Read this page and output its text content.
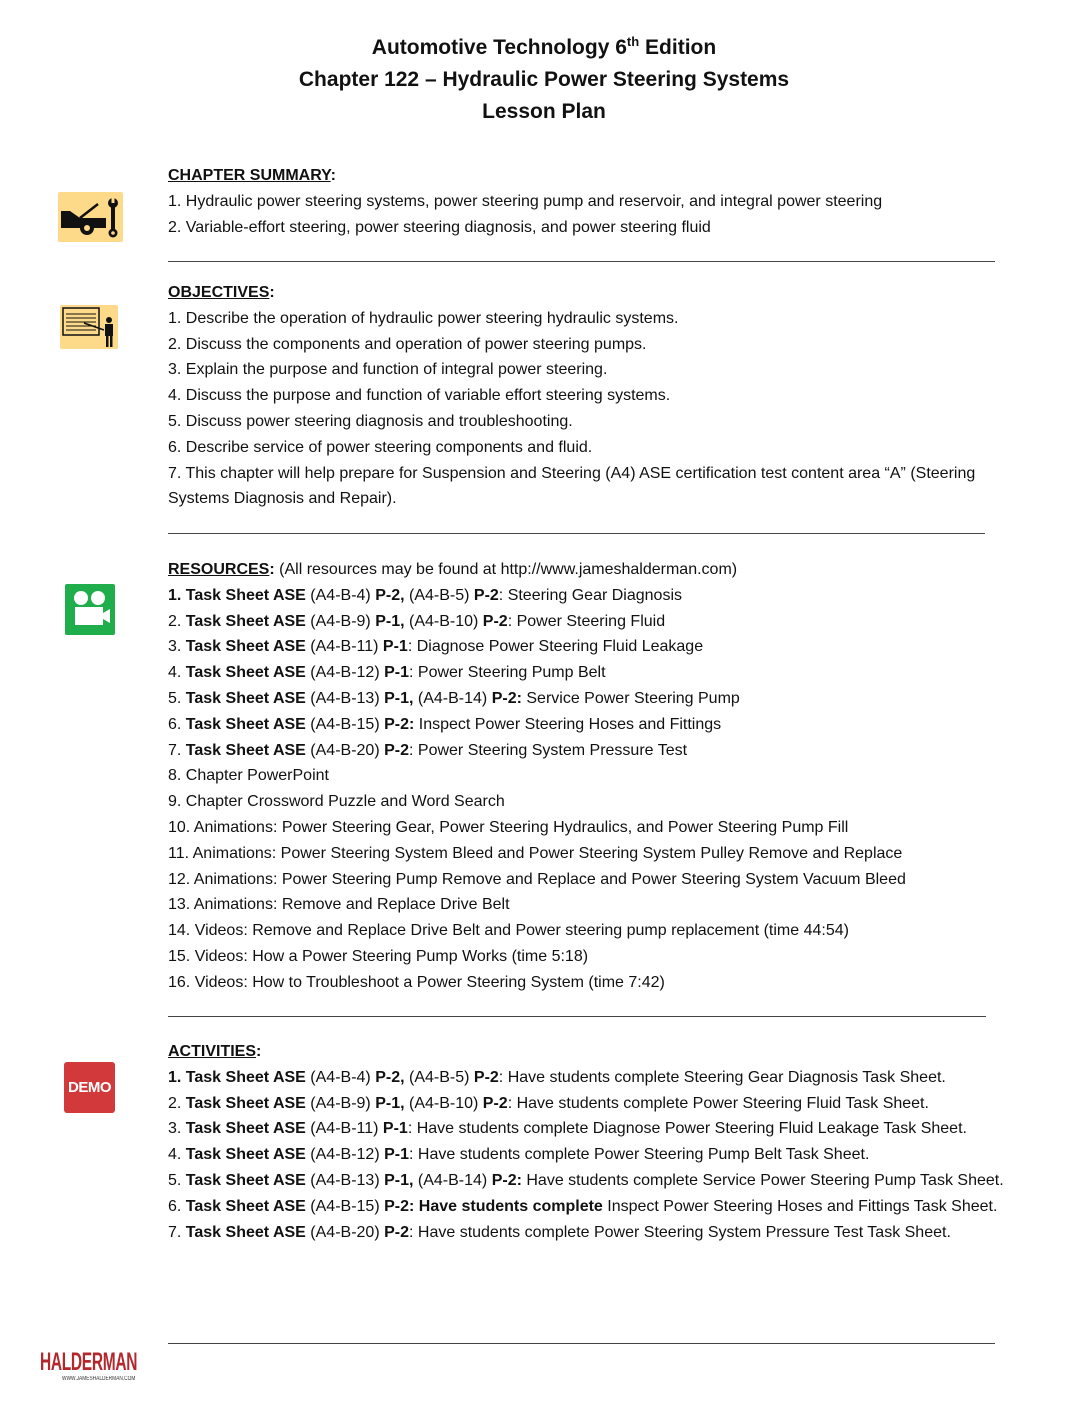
Automotive Technology 6th Edition
Chapter 122 – Hydraulic Power Steering Systems
Lesson Plan
DEMO
CHAPTER SUMMARY:
1. Hydraulic power steering systems, power steering pump and reservoir, and integral power steering
2. Variable-effort steering, power steering diagnosis, and power steering fluid
OBJECTIVES:
1. Describe the operation of hydraulic power steering hydraulic systems.
2. Discuss the components and operation of power steering pumps.
3. Explain the purpose and function of integral power steering.
4. Discuss the purpose and function of variable effort steering systems.
5. Discuss power steering diagnosis and troubleshooting.
6. Describe service of power steering components and fluid.
7. This chapter will help prepare for Suspension and Steering (A4) ASE certification test content area “A” (Steering Systems Diagnosis and Repair).
RESOURCES: (All resources may be found at http://www.jameshalderman.com)
1. Task Sheet ASE (A4-B-4) P-2, (A4-B-5) P-2: Steering Gear Diagnosis
2. Task Sheet ASE (A4-B-9) P-1, (A4-B-10) P-2: Power Steering Fluid
3. Task Sheet ASE (A4-B-11) P-1: Diagnose Power Steering Fluid Leakage
4. Task Sheet ASE (A4-B-12) P-1: Power Steering Pump Belt
5. Task Sheet ASE (A4-B-13) P-1, (A4-B-14) P-2: Service Power Steering Pump
6. Task Sheet ASE (A4-B-15) P-2: Inspect Power Steering Hoses and Fittings
7. Task Sheet ASE (A4-B-20) P-2: Power Steering System Pressure Test
8. Chapter PowerPoint
9. Chapter Crossword Puzzle and Word Search
10. Animations: Power Steering Gear, Power Steering Hydraulics, and Power Steering Pump Fill
11. Animations: Power Steering System Bleed and Power Steering System Pulley Remove and Replace
12. Animations: Power Steering Pump Remove and Replace and Power Steering System Vacuum Bleed
13. Animations: Remove and Replace Drive Belt
14. Videos: Remove and Replace Drive Belt and Power steering pump replacement (time 44:54)
15. Videos: How a Power Steering Pump Works (time 5:18)
16. Videos: How to Troubleshoot a Power Steering System (time 7:42)
ACTIVITIES:
1. Task Sheet ASE (A4-B-4) P-2, (A4-B-5) P-2: Have students complete Steering Gear Diagnosis Task Sheet.
2. Task Sheet ASE (A4-B-9) P-1, (A4-B-10) P-2: Have students complete Power Steering Fluid Task Sheet.
3. Task Sheet ASE (A4-B-11) P-1: Have students complete Diagnose Power Steering Fluid Leakage Task Sheet.
4. Task Sheet ASE (A4-B-12) P-1: Have students complete Power Steering Pump Belt Task Sheet.
5. Task Sheet ASE (A4-B-13) P-1, (A4-B-14) P-2: Have students complete Service Power Steering Pump Task Sheet.
6. Task Sheet ASE (A4-B-15) P-2: Have students complete Inspect Power Steering Hoses and Fittings Task Sheet.
7. Task Sheet ASE (A4-B-20) P-2: Have students complete Power Steering System Pressure Test Task Sheet.
HALDERMAN
WWW.JAMESHALDERMAN.COM
